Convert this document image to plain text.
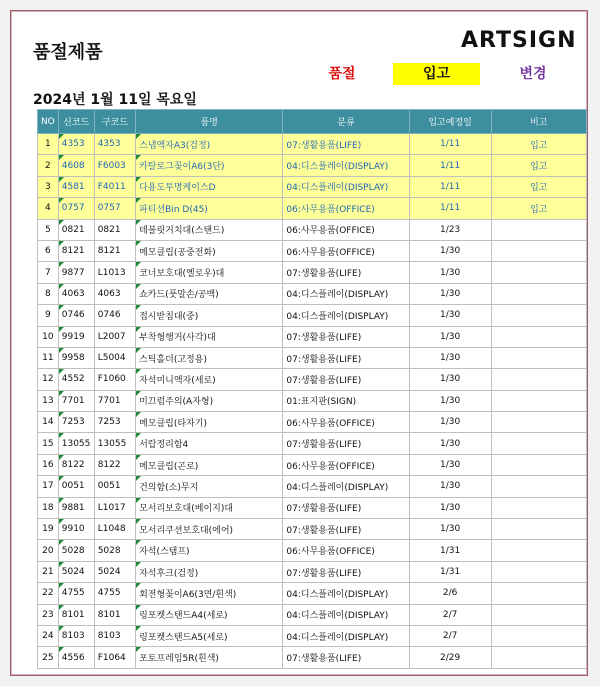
품절제품	ARTSIGN
품절	입고	변경
2024년 1월 11일 목요일
NO	신코드	구코드	품명	분류	입고예정일	비고
1	4353	4353	스냅액자A3(검정)	07:생활용품(LIFE)	1/11	입고
2	4608	F6003	카탈로그꽂이A6(3단)	04:디스플레이(DISPLAY)	1/11	입고
3	4581	F4011	다용도투명케이스D	04:디스플레이(DISPLAY)	1/11	입고
4	0757	0757	파티션Bin D(45)	06:사무용품(OFFICE)	1/11	입고
5	0821	0821	테블릿거치대(스탠드)	06:사무용품(OFFICE)	1/23	
6	8121	8121	메모클립(공중전화)	06:사무용품(OFFICE)	1/30	
7	9877	L1013	코너보호대(옐로우)대	07:생활용품(LIFE)	1/30	
8	4063	4063	쇼카드(풋말손/공백)	04:디스플레이(DISPLAY)	1/30	
9	0746	0746	접시받침대(중)	04:디스플레이(DISPLAY)	1/30	
10	9919	L2007	부착형행거(사각)대	07:생활용품(LIFE)	1/30	
11	9958	L5004	스틱홀더(고정용)	07:생활용품(LIFE)	1/30	
12	4552	F1060	자석미니액자(세로)	07:생활용품(LIFE)	1/30	
13	7701	7701	미끄럼주의(A자형)	01:표지판(SIGN)	1/30	
14	7253	7253	메모클립(타자기)	06:사무용품(OFFICE)	1/30	
15	13055	13055	서랍정리함4	07:생활용품(LIFE)	1/30	
16	8122	8122	메모클립(곤로)	06:사무용품(OFFICE)	1/30	
17	0051	0051	건의함(소)무지	04:디스플레이(DISPLAY)	1/30	
18	9881	L1017	모서리보호대(베이지)대	07:생활용품(LIFE)	1/30	
19	9910	L1048	모서리쿠션보호대(에어)	07:생활용품(LIFE)	1/30	
20	5028	5028	자석(스탬프)	06:사무용품(OFFICE)	1/31	
21	5024	5024	자석후크(검정)	07:생활용품(LIFE)	1/31	
22	4755	4755	회전형꽂이A6(3면/흰색)	04:디스플레이(DISPLAY)	2/6	
23	8101	8101	링포켓스탠드A4(세로)	04:디스플레이(DISPLAY)	2/7	
24	8103	8103	링포켓스탠드A5(세로)	04:디스플레이(DISPLAY)	2/7	
25	4556	F1064	포토프레임5R(흰색)	07:생활용품(LIFE)	2/29	
